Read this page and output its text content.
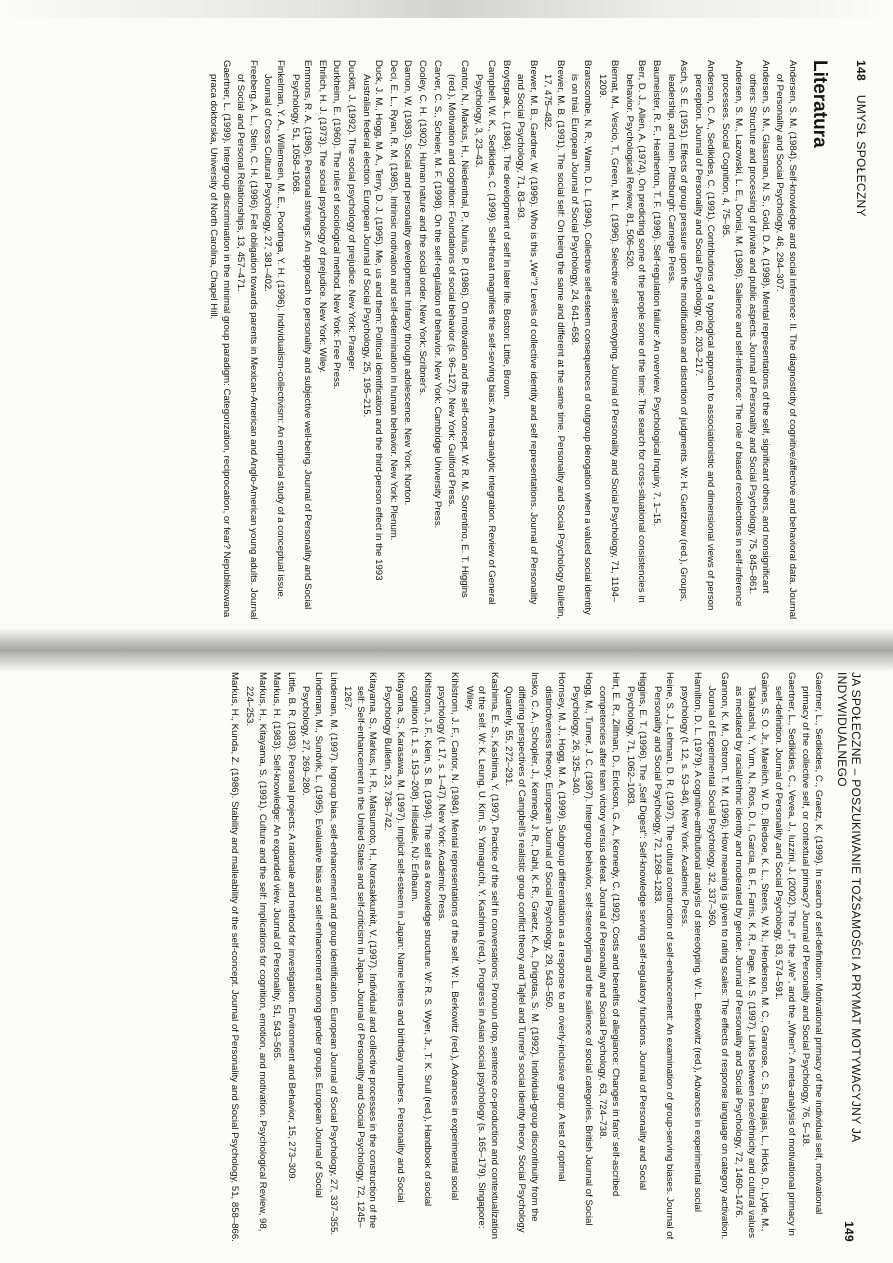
148
UMYSŁ SPOŁECZNY
Literatura
Andersen, S. M. (1984). Self-knowledge and social inference: II. The diagnosticity of cognitive/affective and behavioral data. Journal of Personality and Social Psychology, 46, 294–307.
Andersen, S. M., Glassman, N. S., Gold, D. A. (1998). Mental representations of the self, significant others, and nonsignificant others: Structure and processing of private and public aspects. Journal of Personality and Social Psychology, 75, 845–861.
Andersen, S. M., Lazowski, L. E., Donisi, M. (1986). Salience and self-inference: The role of biased recollections in self-inference processes. Social Cognition, 4, 75–95.
Anderson, C. A., Sedikides, C. (1991). Contributions of a typological approach to associationistic and dimensional views of person perception. Journal of Personality and Social Psychology, 60, 203–217.
Asch, S. E. (1951). Effects of group pressure upon the modification and distortion of judgments. W: H. Guetzkow (red.), Groups, leadership, and men. Pittsburgh: Carnegie Press.
Baumeister, R. F., Heatherton, T. F. (1996). Self-regulation failure: An overview. Psychological Inquiry, 7, 1–15.
Berr, D. J., Allen, A. (1974). On predicting some of the people some of the time: The search for cross-situational consistencies in behavior. Psychological Review, 81, 506–520.
Biernat, M., Vescio, T., Green, M. L. (1996). Selective self-stereotyping. Journal of Personality and Social Psychology, 71, 1194–1209.
Branscombe, N. R., Wann, D. L. (1994). Collective self-esteem consequences of outgroup derogation when a valued social identity is on trial. European Journal of Social Psychology, 24, 641–658.
Brewer, M. B. (1991). The social self: On being the same and different at the same time. Personality and Social Psychology Bulletin, 17, 475–482.
Brewer, M. B., Gardner, W. (1996). Who is this „We"? Levels of collective identity and self representations. Journal of Personality and Social Psychology, 71, 83–93.
Broytsprak, L. (1984). The development of self in later life. Boston: Little, Brown.
Campbell, W. K., Sedikides, C. (1999). Self-threat magnifies the self-serving bias: A meta-analytic integration. Review of General Psychology, 3, 23–43.
Cantor, N., Markus, H., Niedenthal, P., Nurius, P. (1986). On motivation and the self-concept. W: R. M. Sorrentino, E. T. Higgins (red.), Motivation and cognition: Foundations of social behavior (s. 96–127). New York: Guilford Press.
Carver, C. S., Scheier, M. F. (1998). On the self-regulation of behavior. New York: Cambridge University Press.
Cooley, C. H. (1902). Human nature and the social order. New York: Scribner's.
Damon, W. (1983). Social and personality development: Infancy through adolescence. New York: Norton.
Deci, E. L., Ryan, R. M. (1985). Intrinsic motivation and self-determination in human behavior. New York: Plenum.
Duck, J. M., Hogg, M. A., Terry, D. J. (1995). Me, us and them: Political identification and the third-person effect in the 1993 Australian federal election. European Journal of Social Psychology, 25, 195–215.
Duckitt, J. (1992). The social psychology of prejudice. New York: Praeger.
Durkheim, E. (1960). The rules of sociological method. New York: Free Press.
Ehrlich, H. J. (1973). The social psychology of prejudice. New York: Wiley.
Emmons, R. A. (1986). Personal strivings: An approach to personality and subjective well-being. Journal of Personality and Social Psychology, 51, 1058–1068.
Finkelman, Y. A., Willemsen, M. E., Poortinga, Y. H. (1996). Individualism-collectivism: An empirical study of a conceptual issue. Journal of Cross Cultural Psychology, 27, 381–402.
Freeberg, A. L., Stein, C. H. (1996). Felt obligation towards parents in Mexican-American and Anglo-American young adults. Journal of Social and Personal Relationships, 13, 457–471.
Gaertner, L. (1999). Intergroup discrimination in the minimal group paradigm: Categorization, reciprocation, or fear? Nepublikowana praca doktorska, University of North Carolina, Chapel Hill.
JA SPOŁECZNE – POSZUKIWANIE TOŻSAMOŚCI A PRYMAT MOTYWACYJNY JA INDYWIDUALNEGO
149
Gaertner, L., Sedikides, C., Graetz, K. (1999). In search of self-definition: Motivational primacy of the individual self, motivational primacy of the collective self, or contextual primacy? Journal of Personality and Social Psychology, 76, 5–18.
Gaertner, L., Sedikides, C., Vevea, J., Iuzzini, J. (2002). The „I", the „We", and the „When": A meta-analysis of motivational primacy in self-definition. Journal of Personality and Social Psychology, 83, 574–591.
Gaines, S. O. Jr., Marelich, W. D., Bledsoe, K. L., Steers, W. N., Henderson, M. C., Granrose, C. S., Barajas, L., Hicks, D., Lyde, M., Takahashi, Y., Yum, N., Rios, D. I., Garcia, B. F., Farris, K. R., Page, M. S. (1997). Links between race/ethnicity and cultural values as mediated by racial/ethnic identity and moderated by gender. Journal of Personality and Social Psychology, 72, 1460–1476.
Gannon, K. M., Ostrom, T. M. (1996). How meaning is given to rating scales: The effects of response language on category activation. Journal of Experimental Social Psychology, 32, 337–360.
Hamilton, D. L. (1979). A cognitive-attributional analysis of stereotyping. W: L. Berkowitz (red.), Advances in experimental social psychology (t. 12, s. 53–84). New York: Academic Press.
Heine, S. J., Lehman, D. R. (1997). The cultural construction of self-enhancement: An examination of group-serving biases. Journal of Personality and Social Psychology, 72, 1268–1283.
Higgins, E. T. (1996). The „Self Digest": Self-knowledge serving self-regulatory functions. Journal of Personality and Social Psychology, 71, 1062–1083.
Hirt, E. R., Zillman, D., Erickson, G. A., Kennedy, C. (1992). Costs and benefits of allegiance: Changes in fans' self-ascribed competencies after team victory versus defeat. Journal of Personality and Social Psychology, 63, 724–738.
Hogg, M., Turner, J. C. (1987). Intergroup behavior, self-stereotyping and the salience of social categories. British Journal of Social Psychology, 26, 325–340.
Hornsey, M. J., Hogg, M. A. (1999). Subgroup differentiation as a response to an overly-inclusive group: A test of optimal distinctiveness theory. European Journal of Social Psychology, 29, 543–550.
Insko, C. A., Schopler, J., Kennedy, J. R., Dahl, K. R., Graetz, K. A., Drigotas, S. M. (1992). Individual-group discontinuity from the differing perspectives of Campbell's realistic group conflict theory and Tajfel and Turner's social identity theory. Social Psychology Quarterly, 55, 272–291.
Kashima, E. S., Kashima, Y. (1997). Practice of the self in conversations: Pronoun drop, sentence co-production and contextualization of the self. W: K. Leung, U. Kim, S. Yamaguchi, Y. Kashima (red.), Progress in Asian social psychology (s. 165–179). Singapore: Wiley.
Kihlstrom, J. F., Cantor, N. (1984). Mental representations of the self. W: L. Berkowitz (red.), Advances in experimental social psychology (t. 17, s. 1–47). New York: Academic Press.
Kihlstrom, J. F., Klein, S. B. (1994). The self as a knowledge structure. W: R. S. Wyer, Jr., T. K. Srull (red.), Handbook of social cognition (t. 1, s. 153–208). Hillsdale, NJ: Erlbaum.
Kitayama, S., Karasawa, M. (1997). Implicit self-esteem in Japan: Name letters and birthday numbers. Personality and Social Psychology Bulletin, 23, 736–742.
Kitayama, S., Markus, H. R., Matsumoto, H., Norasakkunkit, V. (1997). Individual and collective processes in the construction of the self: Self-enhancement in the United States and self-criticism in Japan. Journal of Personality and Social Psychology, 72, 1245–1267.
Lindeman, M. (1997). Ingroup bias, self-enhancement and group identification. European Journal of Social Psychology, 27, 337–355.
Lindeman, M., Sundvik, L. (1995). Evaluative bias and self-enhancement among gender groups. European Journal of Social Psychology, 27, 269–280.
Little, B. R. (1983). Personal projects: A rationale and method for investigation. Environment and Behavior, 15, 273–309.
Markus, H. (1983). Self-knowledge: An expanded view. Journal of Personality, 51, 543–565.
Markus, H., Kitayama, S. (1991). Culture and the self: Implications for cognition, emotion, and motivation. Psychological Review, 98, 224–253.
Markus, H., Kunda, Z. (1986). Stability and malleability of the self-concept. Journal of Personality and Social Psychology, 51, 858–866.
